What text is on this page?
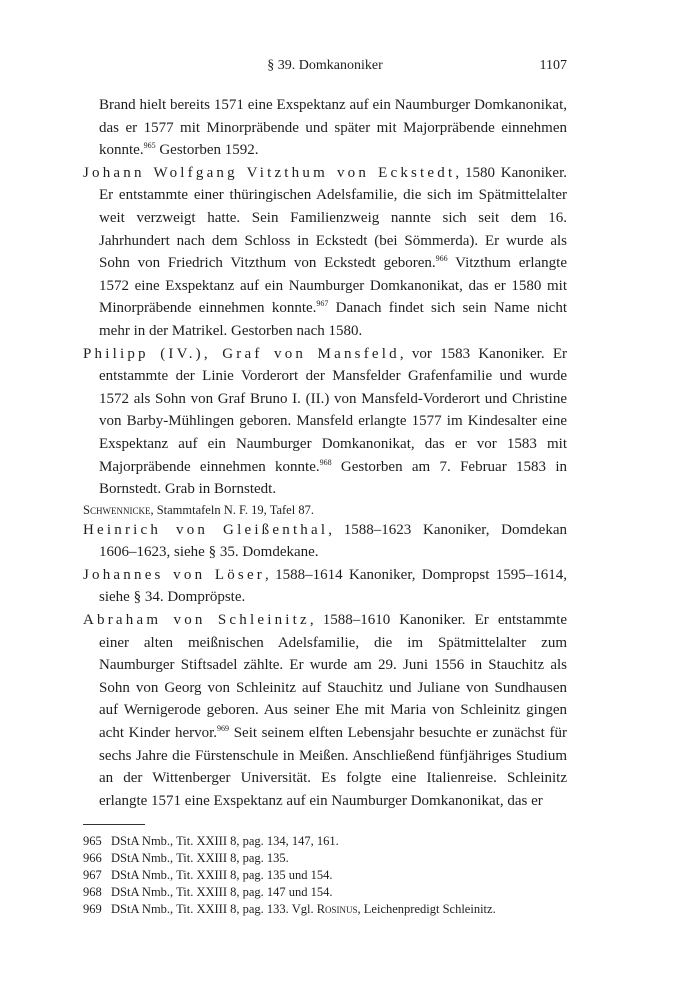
§ 39. Domkanoniker	1107

Brand hielt bereits 1571 eine Exspektanz auf ein Naumburger Domkanonikat, das er 1577 mit Minorpräbende und später mit Majorpräbende einnehmen konnte.$^{965}$ Gestorben 1592.

Johann Wolfgang Vitzthum von Eckstedt, 1580 Kanoniker. Er entstammte einer thüringischen Adelsfamilie, die sich im Spätmittelalter weit verzweigt hatte. Sein Familienzweig nannte sich seit dem 16. Jahrhundert nach dem Schloss in Eckstedt (bei Sömmerda). Er wurde als Sohn von Friedrich Vitzthum von Eckstedt geboren.$^{966}$ Vitzthum erlangte 1572 eine Exspektanz auf ein Naumburger Domkanonikat, das er 1580 mit Minorpräbende einnehmen konnte.$^{967}$ Danach findet sich sein Name nicht mehr in der Matrikel. Gestorben nach 1580.

Philipp (IV.), Graf von Mansfeld, vor 1583 Kanoniker. Er entstammte der Linie Vorderort der Mansfelder Grafenfamilie und wurde 1572 als Sohn von Graf Bruno I. (II.) von Mansfeld-Vorderort und Christine von Barby-Mühlingen geboren. Mansfeld erlangte 1577 im Kindesalter eine Exspektanz auf ein Naumburger Domkanonikat, das er vor 1583 mit Majorpräbende einnehmen konnte.$^{968}$ Gestorben am 7. Februar 1583 in Bornstedt. Grab in Bornstedt.

Schwennicke, Stammtafeln N. F. 19, Tafel 87.

Heinrich von Gleißenthal, 1588–1623 Kanoniker, Domdekan 1606–1623, siehe § 35. Domdekane.

Johannes von Löser, 1588–1614 Kanoniker, Dompropst 1595–1614, siehe § 34. Dompröpste.

Abraham von Schleinitz, 1588–1610 Kanoniker. Er entstammte einer alten meißnischen Adelsfamilie, die im Spätmittelalter zum Naumburger Stiftsadel zählte. Er wurde am 29. Juni 1556 in Stauchitz als Sohn von Georg von Schleinitz auf Stauchitz und Juliane von Sundhausen auf Wernigerode geboren. Aus seiner Ehe mit Maria von Schleinitz gingen acht Kinder hervor.$^{969}$ Seit seinem elften Lebensjahr besuchte er zunächst für sechs Jahre die Fürstenschule in Meißen. Anschließend fünfjähriges Studium an der Wittenberger Universität. Es folgte eine Italienreise. Schleinitz erlangte 1571 eine Exspektanz auf ein Naumburger Domkanonikat, das er

965 DStA Nmb., Tit. XXIII 8, pag. 134, 147, 161.
966 DStA Nmb., Tit. XXIII 8, pag. 135.
967 DStA Nmb., Tit. XXIII 8, pag. 135 und 154.
968 DStA Nmb., Tit. XXIII 8, pag. 147 und 154.
969 DStA Nmb., Tit. XXIII 8, pag. 133. Vgl. Rosinus, Leichenpredigt Schleinitz.
